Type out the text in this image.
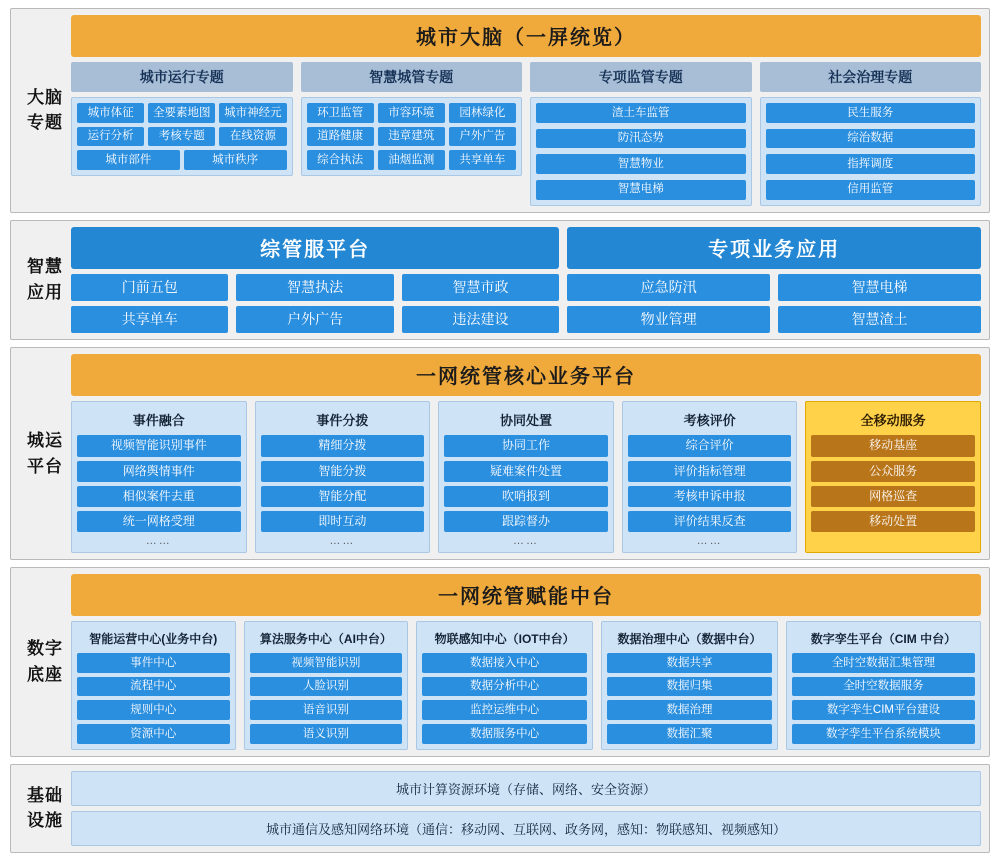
大脑
专题
城市大脑（一屏统览）
城市运行专题
城市体征	全要素地图	城市神经元
运行分析	考核专题	在线资源
城市部件	城市秩序
智慧城管专题
环卫监管	市容环境	园林绿化
道路健康	违章建筑	户外广告
综合执法	油烟监测	共享单车
专项监管专题
渣土车监管
防汛态势
智慧物业
智慧电梯
社会治理专题
民生服务
综治数据
指挥调度
信用监管
智慧
应用
综管服平台	专项业务应用
门前五包	智慧执法	智慧市政
共享单车	户外广告	违法建设
应急防汛	智慧电梯
物业管理	智慧渣土
城运
平台
一网统管核心业务平台
事件融合
视频智能识别事件
网络舆情事件
相似案件去重
统一网格受理
……
事件分拨
精细分拨
智能分拨
智能分配
即时互动
……
协同处置
协同工作
疑难案件处置
吹哨报到
跟踪督办
……
考核评价
综合评价
评价指标管理
考核申诉申报
评价结果反查
……
全移动服务
移动基座
公众服务
网格巡查
移动处置
数字
底座
一网统管赋能中台
智能运营中心(业务中台)
事件中心
流程中心
规则中心
资源中心
算法服务中心（AI中台）
视频智能识别
人脸识别
语音识别
语义识别
物联感知中心（IOT中台）
数据接入中心
数据分析中心
监控运维中心
数据服务中心
数据治理中心（数据中台）
数据共享
数据归集
数据治理
数据汇聚
数字孪生平台（CIM 中台）
全时空数据汇集管理
全时空数据服务
数字孪生CIM平台建设
数字孪生平台系统模块
基础
设施
城市计算资源环境（存储、网络、安全资源）
城市通信及感知网络环境（通信：移动网、互联网、政务网，感知：物联感知、视频感知）
